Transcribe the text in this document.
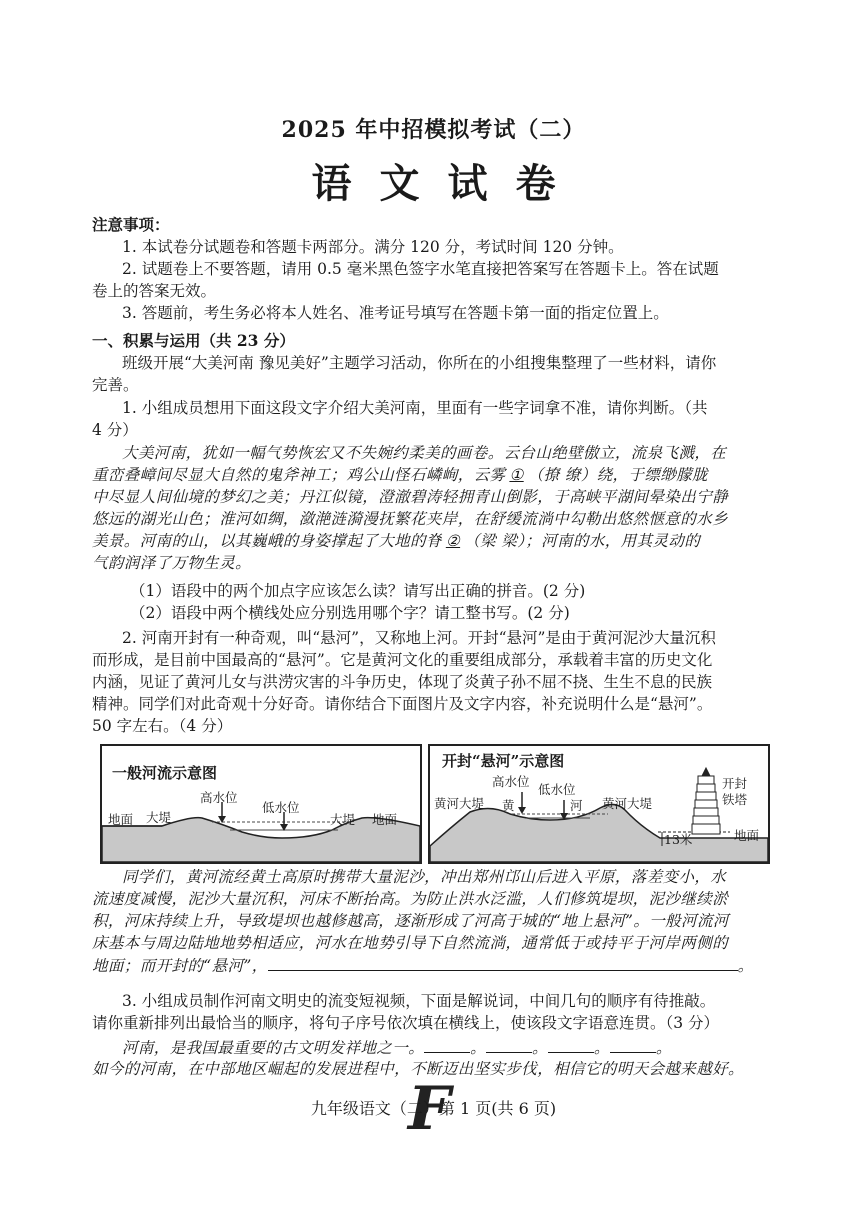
2025 年中招模拟考试（二）
语文试卷
注意事项：
1. 本试卷分试题卷和答题卡两部分。满分 120 分，考试时间 120 分钟。
2. 试题卷上不要答题，请用 0.5 毫米黑色签字水笔直接把答案写在答题卡上。答在试题
卷上的答案无效。
3. 答题前，考生务必将本人姓名、准考证号填写在答题卡第一面的指定位置上。
一、积累与运用（共 23 分）
班级开展“大美河南 豫见美好”主题学习活动，你所在的小组搜集整理了一些材料，请你
完善。
1. 小组成员想用下面这段文字介绍大美河南，里面有一些字词拿不准，请你判断。（共
4 分）
大美河南，犹如一幅气势恢宏又不失婉约柔美的画卷。云台山绝壁傲立，流泉飞溅，在
重峦叠嶂间尽显大自然的鬼斧神工；鸡公山怪石嶙峋，云雾 ① （撩 缭）绕，于缥缈朦胧
中尽显人间仙境的梦幻之美；丹江似镜，澄澈碧涛轻拥青山倒影，于高峡平湖间晕染出宁静
悠远的湖光山色；淮河如绸，潋滟涟漪漫抚繁花夹岸，在舒缓流淌中勾勒出悠然惬意的水乡
美景。河南的山，以其巍峨的身姿撑起了大地的脊 ② （梁 梁）；河南的水，用其灵动的
气韵润泽了万物生灵。
（1）语段中的两个加点字应该怎么读？请写出正确的拼音。(2 分)
（2）语段中两个横线处应分别选用哪个字？请工整书写。(2 分)
2. 河南开封有一种奇观，叫“悬河”，又称地上河。开封“悬河”是由于黄河泥沙大量沉积
而形成，是目前中国最高的“悬河”。它是黄河文化的重要组成部分，承载着丰富的历史文化
内涵，见证了黄河儿女与洪涝灾害的斗争历史，体现了炎黄子孙不屈不挠、生生不息的民族
精神。同学们对此奇观十分好奇。请你结合下面图片及文字内容，补充说明什么是“悬河”。
50 字左右。（4 分）
一般河流示意图
地面 大堤
高水位
低水位
大堤 地面
开封“悬河”示意图
黄河大堤
高水位
黄
低水位
河 黄河大堤
开封
铁塔
13米	地面
同学们，黄河流经黄土高原时携带大量泥沙，冲出郑州邙山后进入平原，落差变小，水
流速度减慢，泥沙大量沉积，河床不断抬高。为防止洪水泛滥，人们修筑堤坝，泥沙继续淤
积，河床持续上升，导致堤坝也越修越高，逐渐形成了河高于城的“地上悬河”。一般河流河
床基本与周边陆地地势相适应，河水在地势引导下自然流淌，通常低于或持平于河岸两侧的
地面；而开封的“悬河”，	。
3. 小组成员制作河南文明史的流变短视频，下面是解说词，中间几句的顺序有待推敲。
请你重新排列出最恰当的顺序，将句子序号依次填在横线上，使该段文字语意连贯。（3 分）
河南，是我国最重要的古文明发祥地之一。	。	。	。	。
如今的河南，在中部地区崛起的发展进程中，不断迈出坚实步伐，相信它的明天会越来越好。
F
九年级语文（二）第 1 页(共 6 页)
